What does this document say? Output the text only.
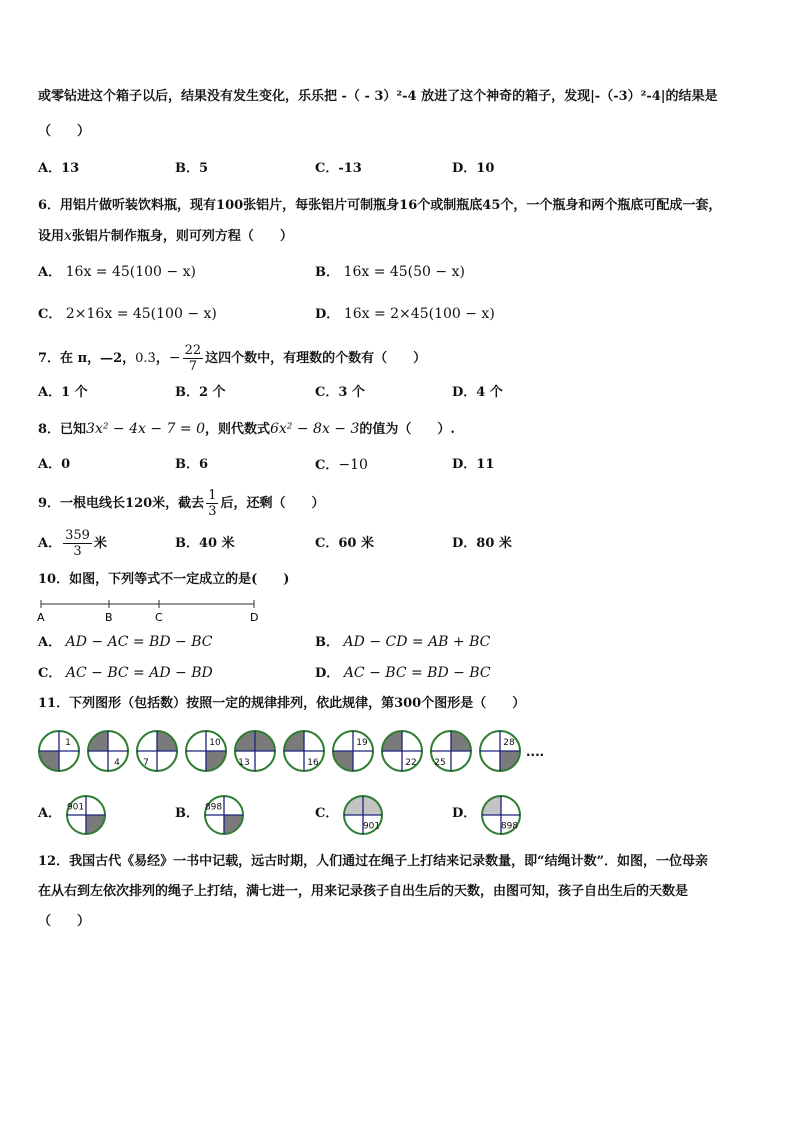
或零钻进这个箱子以后，结果没有发生变化，乐乐把 -（ - 3）²-4 放进了这个神奇的箱子，发现|-（-3）²-4|的结果是
（　　）
A．13	B．5	C．-13	D．10
6．用铝片做听装饮料瓶，现有100张铝片，每张铝片可制瓶身16个或制瓶底45个，一个瓶身和两个瓶底可配成一套，
设用x张铝片制作瓶身，则可列方程（　　）
A． 16x = 45(100 − x)	B． 16x = 45(50 − x)
C． 2×16x = 45(100 − x)	D． 16x = 2×45(100 − x)
7．在 π，—2，0.3̇，− $\frac{22}{7}$ 这四个数中，有理数的个数有（　　）
A．1 个	B．2 个	C．3 个	D．4 个
8．已知3x² − 4x − 7 = 0，则代数式6x² − 8x − 3的值为（　　）.
A．0	B．6	C．−10	D．11
9．一根电线长120米，截去 $\frac{1}{3}$ 后，还剩（　　）
A． $\frac{359}{3}$ 米	B．40 米	C．60 米	D．80 米
10．如图，下列等式不一定成立的是(　　)
A	B	C	D
A． AD − AC = BD − BC	B． AD − CD = AB + BC
C． AC − BC = AD − BD	D． AC − BC = BD − BC
11．下列图形（包括数）按照一定的规律排列，依此规律，第300个图形是（　　）
1
4	7
10
13	16
19
22 25
28
....
A．	B．	C．	D．
901	898
901	898
12．我国古代《易经》一书中记载，远古时期，人们通过在绳子上打结来记录数量，即“结绳计数”．如图，一位母亲
在从右到左依次排列的绳子上打结，满七进一，用来记录孩子自出生后的天数，由图可知，孩子自出生后的天数是
（　　）
